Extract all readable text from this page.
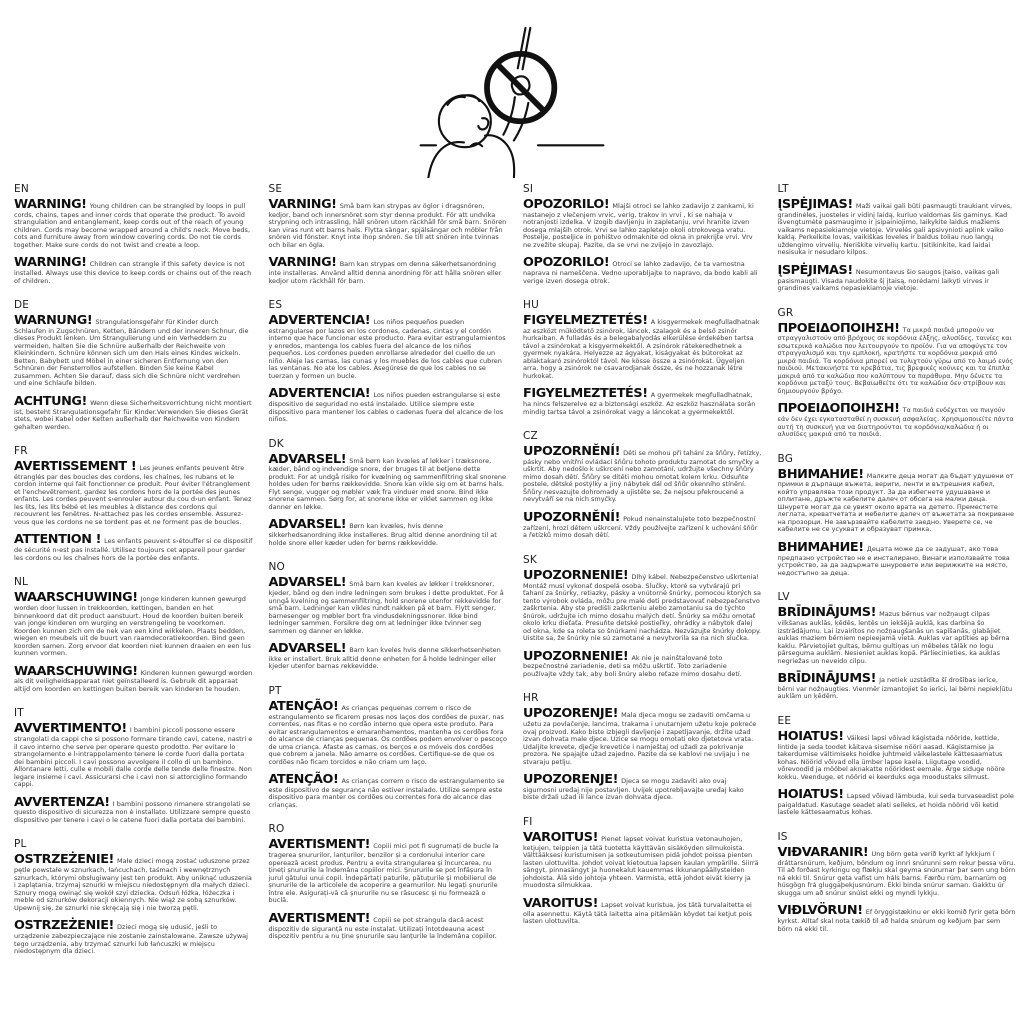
EN

WARNING! Young children can be strangled by loops in pull cords, chains, tapes and inner cords that operate the product. To avoid strangulation and entanglement, keep cords out of the reach of young children. Cords may become wrapped around a child's neck. Move beds, cots and furniture away from window covering cords. Do not tie cords together. Make sure cords do not twist and create a loop.

WARNING! Children can strangle if this safety device is not installed. Always use this device to keep cords or chains out of the reach of children.

DE

WARNUNG! Strangulationsgefahr für Kinder durch Schlaufen in Zugschnüren, Ketten, Bändern und der inneren Schnur, die dieses Produkt lenken. Um Strangulierung und ein Verheddern zu vermeiden, halten Sie die Schnüre außerhalb der Reichweite von Kleinkindern. Schnüre können sich um den Hals eines Kindes wickeln. Betten, Babybett und Möbel in einer sicheren Entfernung von den Schnüren der Fensterrollos aufstellen. Binden Sie keine Kabel zusammen. Achten Sie darauf, dass sich die Schnüre nicht verdrehen und eine Schlaufe bilden.

ACHTUNG! Wenn diese Sicherheitsvorrichtung nicht montiert ist, besteht Strangulationsgefahr für Kinder.Verwenden Sie dieses Gerät stets, wobei Kabel oder Ketten außerhalb der Reichweite von Kindern gehalten werden.

FR

AVERTISSEMENT ! Les jeunes enfants peuvent être étranglés par des boucles des cordons, les chaînes, les rubans et le cordon interne qui fait fonctionner ce produit. Pour éviter l'étranglement et l'enchevêtrement, gardez les cordons hors de la portée des jeunes enfants. Les cordes peuvent s›enrouler autour du cou d›un enfant. Tenez les lits, les lits bébé et les meubles à distance des cordons qui recouvrent les fenêtres. N›attachez pas les cordes ensemble. Assurez-vous que les cordons ne se tordent pas et ne forment pas de boucles.

ATTENTION ! Les enfants peuvent s›étouffer si ce dispositif de sécurité n›est pas installé. Utilisez toujours cet appareil pour garder les cordons ou les chaînes hors de la portée des enfants.

NL

WAARSCHUWING! Jonge kinderen kunnen gewurgd worden door lussen in trekkoorden, kettingen, banden en het binnenkoord dat dit product aanstuurt. Houd de koorden buiten bereik van jonge kinderen om wurging en verstrengeling te voorkomen. Koorden kunnen zich om de nek van een kind wikkelen. Plaats bedden, wiegen en meubels uit de buurt van raamdecoratiekoorden. Bind geen koorden samen. Zorg ervoor dat koorden niet kunnen draaien en een lus kunnen vormen.

WAARSCHUWING! Kinderen kunnen gewurgd worden als dit veiligheidsapparaat niet geïnstalleerd is. Gebruik dit apparaat altijd om koorden en kettingen buiten bereik van kinderen te houden.

IT

AVVERTIMENTO! I bambini piccoli possono essere strangolati da cappi che si possono formare tirando cavi, catene, nastri e il cavo interno che serve per operare questo prodotto. Per evitare lo strangolamento e l›intrappolamento tenere le corde fuori dalla portata dei bambini piccoli. I cavi possono avvolgere il collo di un bambino. Allontanare letti, culle e mobili dalle corde delle tende delle finestre. Non legare insieme i cavi. Assicurarsi che i cavi non si attorciglino formando cappi.

AVVERTENZA! I bambini possono rimanere strangolati se questo dispositivo di sicurezza non è installato. Utilizzare sempre questo dispositivo per tenere i cavi o le catene fuori dalla portata dei bambini.

PL

OSTRZEŻENIE! Małe dzieci mogą zostać uduszone przez pętle powstałe w sznurkach, łańcuchach, taśmach i wewnętrznych sznurkach, którymi obsługiwany jest ten produkt. Aby uniknąć uduszenia i zaplątania, trzymaj sznurki w miejscu niedostępnym dla małych dzieci. Sznury mogą owinąć się wokół szyi dziecka. Odsuń łóżka, łóżeczka i meble od sznurków dekoracji okiennych. Nie wiąż ze sobą sznurków. Upewnij się, że sznurki nie skręcają się i nie tworzą pętli.

OSTRZEŻENIE! Dzieci mogą się udusić, jeśli to urządzenie zabezpieczające nie zostanie zainstalowane. Zawsze używaj tego urządzenia, aby trzymać sznurki lub łańcuszki w miejscu niedostępnym dla dzieci.

SE

VARNING! Små barn kan strypas av öglor i dragsnören, kedjor, band och innersnöret som styr denna produkt. För att undvika strypning och intrassling, håll snören utom räckhåll för små barn. Snören kan viras runt ett barns hals. Flytta sängar, spjälsängar och möbler från snören vid fönster. Knyt inte ihop snören. Se till att snören inte tvinnas och bilar en ögla.

VARNING! Barn kan strypas om denna säkerhetsanordning inte installeras. Använd alltid denna anordning för att hålla snören eller kedjor utom räckhåll för barn.

ES

ADVERTENCIA! Los niños pequeños pueden estrangularse por lazos en los cordones, cadenas, cintas y el cordón interno que hace funcionar este producto. Para evitar estrangulamientos y enredos, mantenga los cables fuera del alcance de los niños pequeños. Los cordones pueden enrollarse alrededor del cuello de un niño. Aleje las camas, las cunas y los muebles de los cables que cubren las ventanas. No ate los cables. Asegúrese de que los cables no se tuerzan y formen un bucle.

ADVERTENCIA! Los niños pueden estrangularse si este dispositivo de seguridad no está instalado. Utilice siempre este dispositivo para mantener los cables o cadenas fuera del alcance de los niños.

DK

ADVARSEL! Små børn kan kvæles af løkker i træksnore, kæder, bånd og indvendige snore, der bruges til at betjene dette produkt. For at undgå risiko for kvælning og sammenfiltring skal snorene holdes uden for børns rækkevidde. Snore kan vikle sig om et barns hals. Flyt senge, vugger og møbler væk fra vinduer med snore. Bind ikke snorene sammen. Sørg for, at snorene ikke er viklet sammen og ikke danner en løkke.

ADVARSEL! Børn kan kvæles, hvis denne sikkerhedsanordning ikke installeres. Brug altid denne anordning til at holde snore eller kæder uden for børns rækkevidde.

NO

ADVARSEL! Små barn kan kveles av løkker i trekksnorer, kjeder, bånd og den indre ledningen som brukes i dette produktet. For å unngå kvelning og sammenfiltring, hold snorene utenfor rekkevidde for små barn. Ledninger kan vikles rundt nakken på et barn. Flytt senger, barnesenger og møbler bort fra vindusdekningssnorer. Ikke bind ledninger sammen. Forsikre deg om at ledninger ikke tvinner seg sammen og danner en løkke.

ADVARSEL! Barn kan kveles hvis denne sikkerhetsenheten ikke er installert. Bruk alltid denne enheten for å holde ledninger eller kjeder utenfor barnas rekkevidde.

PT

ATENÇÃO! As crianças pequenas correm o risco de estrangulamento se ficarem presas nos laços dos cordões de puxar, nas correntes, nas fitas e no cordão interno que opera este produto. Para evitar estrangulamentos e emaranhamentos, mantenha os cordões fora do alcance de crianças pequenas. Os cordões podem envolver o pescoço de uma criança. Afaste as camas, os berços e os móveis dos cordões que cobrem a janela. Não amarre os cordões. Certifique-se de que os cordões não ficam torcidos e não criam um laço.

ATENÇÃO! As crianças correm o risco de estrangulamento se este dispositivo de segurança não estiver instalado. Utilize sempre este dispositivo para manter os cordões ou correntes fora do alcance das crianças.

RO

AVERTISMENT! Copiii mici pot fi sugrumați de bucle la tragerea șnururilor, lanțurilor, benzilor și a cordonului interior care operează acest produs. Pentru a evita strangularea și încurcarea, nu țineți șnururile la îndemâna copiilor mici. Șnururile se pot înfășura în jurul gâtului unui copil. Îndepărtați paturile, pătuțurile și mobilierul de șnururile de la articolele de acoperire a geamurilor. Nu legați șnururile între ele. Asigurați-vă că șnururile nu se răsucesc și nu formează o buclă.

AVERTISMENT! Copiii se pot strangula dacă acest dispozitiv de siguranță nu este instalat. Utilizați întotdeauna acest dispozitiv pentru a nu ține șnururile sau lanțurile la îndemâna copiilor.

SI

OPOZORILO! Mlajši otroci se lahko zadavijo z zankami, ki nastanejo z vlečenjem vrvic, verig, trakov in vrvi , ki se nahaja v notranjosti izdelka. V izogib davljenju in zapletanju, vrvi hranite izven dosega mlajših otrok. Vrvi se lahko zapletejo okoli otrokovega vratu. Postelje, posteljice in pohištvo odmaknite od okna in prekrijte vrvi. Vrv ne zvežite skupaj. Pazite, da se vrvi ne zvijejo in zavozlajo.

OPOZORILO! Otroci se lahko zadavijo, če ta varnostna naprava ni nameščena. Vedno uporabljajte to napravo, da bodo kabli ali verige izven dosega otrok.

HU

FIGYELMEZTETÉS! A kisgyermekek megfulladhatnak az eszközt működtető zsinórok, láncok, szalagok és a belső zsinór hurkaiban. A fulladás és a belegabalyodás elkerülése érdekében tartsa távol a zsinórokat a kisgyermekektől. A zsinórok rátekeredhetnek a gyermek nyakára. Helyezze az ágyakat, kiságyakat és bútorokat az ablaktakaró zsinóroktól távol. Ne kösse össze a zsinórokat. Ügyeljen arra, hogy a zsinórok ne csavarodjanak össze, és ne hozzanak létre hurkokat.

FIGYELMEZTETÉS! A gyermekek megfulladhatnak, ha nincs felszerelve ez a biztonsági eszköz. Az eszköz használata során mindig tartsa távol a zsinórokat vagy a láncokat a gyermekektől.

CZ

UPOZORNĚNÍ! Děti se mohou při tahání za šňůry, řetízky, pásky nebo vnitřní ovládací šňůru tohoto produktu zamotat do smyčky a uškrtit. Aby nedošlo k uškrcení nebo zamotání, udržujte všechny šňůry mimo dosah dětí. Šňůry se dítěti mohou omotat kolem krku. Odsuňte postele, dětské postýlky a jiný nábytek dál od šňůr okenního stínění. Šňůry nesvazujte dohromady a ujistěte se, že nejsou překroucené a nevytváří se na nich smyčky.

UPOZORNĚNÍ! Pokud nenainstalujete toto bezpečnostní zařízení, hrozí dětem uškrcení. Vždy používejte zařízení k uchování šňůr a řetízků mimo dosah dětí.

SK

UPOZORNENIE! Dlhý kábel. Nebezpečenstvo uškrtenia! Montáž musí vykonať dospelá osoba. Slučky, ktoré sa vytvárajú pri ťahaní za šnúrky, retiazky, pásky a vnútorné šnúrky, pomocou ktorých sa tento výrobok ovláda, môžu pre malé deti predstavovať nebezpečenstvo zaškrtenia. Aby ste predišli zaškrteniu alebo zamotaniu sa do týchto šnúrok, udržujte ich mimo dosahu malých detí. Šnúrky sa môžu omotať okolo krku dieťaťa. Presuňte detské postieľky, ohrádky a nábytok ďalej od okna, kde sa roleta so šnúrkami nachádza. Nezväzujte šnúrky dokopy. Uistite sa, že šnúrky nie sú zamotané a nevytvorila sa na nich slučka.

UPOZORNENIE! Ak nie je nainštalované toto bezpečnostné zariadenie, deti sa môžu uškrtiť. Toto zariadenie používajte vždy tak, aby boli šnúry alebo reťaze mimo dosahu detí.

HR

UPOZORENJE! Mala djeca mogu se zadaviti omčama u užetu za povlačenje, lancima, trakama i unutarnjem užetu koje pokreće ovaj proizvod. Kako biste izbjegli davljenje i zapetljavanje, držite užad izvan dohvata male djece. Uzice se mogu omotati oko djetetova vrata. Udaljite krevete, dječje krevetiće i namještaj od užadi za pokrivanje prozora. Ne spajajte užad zajedno. Pazite da se kablovi ne uvijaju i ne stvaraju petlju.

UPOZORENJE! Djeca se mogu zadaviti ako ovaj sigurnosni uređaj nije postavljen. Uvijek upotrebljavajte uređaj kako biste držali užad ili lance izvan dohvata djece.

FI

VAROITUS! Pienet lapset voivat kuristua vetonauhojen, ketjujen, teippien ja tätä tuotetta käyttävän sisäköyden silmukoista. Välttääksesi kuristumisen ja sotkeutumisen pidä johdot poissa pienten lasten ulottuvilta. Johdot voivat kietoutua lapsen kaulan ympärille. Siirrä sängyt, pinnasängyt ja huonekalut kauemmas ikkunanpäällysteiden johdoista. Älä sido johtoja yhteen. Varmista, että johdot eivät kierry ja muodosta silmukkaa.

VAROITUS! Lapset voivat kuristua, jos tätä turvalaitetta ei olla asennettu. Käytä tätä laitetta aina pitämään köydet tai ketjut pois lasten ulottuvilta.

LT

ĮSPĖJIMAS! Maži vaikai gali būti pasmaugti traukiant virves, grandinėles, juosteles ir vidinį laidą, kuriuo valdomas šis gaminys. Kad išvengtumėte pasmaugimo ir įsipainiojimo, laikykite laidus mažiems vaikams nepasiekiamoje vietoje. Virvelės gali apsivynioti aplink vaiko kaklą. Perkelkite lovas, vaikiškas loveles ir baldus toliau nuo langų uždengimo virvelių. Neriškite virvelių kartu. Įsitikinkite, kad laidai nesisuka ir nesudaro kilpos.

ĮSPĖJIMAS! Nesumontavus šio saugos įtaiso, vaikas gali pasismaugti. Visada naudokite šį įtaisą, norėdami laikyti virves ir grandines vaikams nepasiekiamoje vietoje.

GR

ΠΡΟΕΙΔΟΠΟΙΗΣΗ! Τα μικρά παιδιά μπορούν να στραγγαλιστούν από βρόχους σε κορδόνια έλξης, αλυσίδες, ταινίες και εσωτερικά καλώδια που λειτουργούν το προϊόν. Για να αποφύγετε τον στραγγαλισμό και την εμπλοκή, κρατήστε τα κορδόνια μακριά από μικρά παιδιά. Τα κορδόνια μπορεί να τυλιχτούν γύρω από το λαιμό ενός παιδιού. Μετακινήστε τα κρεβάτια, τις βρεφικές κούνιες και τα έπιπλα μακριά από τα καλώδια που καλύπτουν τα παράθυρα. Μην δένετε τα κορδόνια μεταξύ τους. Βεβαιωθείτε ότι τα καλώδια δεν στρίβουν και δημιουργούν βρόχο.

ΠΡΟΕΙΔΟΠΟΙΗΣΗ! Τα παιδιά ενδέχεται να πνιγούν εάν δεν έχει εγκατασταθεί η συσκευή ασφαλείας. Χρησιμοποιείτε πάντα αυτή τη συσκευή για να διατηρούνται τα κορδόνια/καλώδια ή οι αλυσίδες μακριά από τα παιδιά.

BG

ВНИМАНИЕ! Малките деца могат да бъдат удушени от примки в дърпащи въжета, вериги, ленти и вътрешния кабел, който управлява този продукт. За да избегнете удушаване и оплитане, дръжте кабелите далеч от обсега на малки деца. Шнурете могат да се увият около врата на детето. Преместете леглата, креватчетата и мебелите далеч от въжетата за покриване на прозорци. Не завързвайте кабелите заедно. Уверете се, че кабелите не се усукват и образуват примка.

ВНИМАНИЕ! Децата може да се задушат, ако това предпазно устройство не е инсталирано. Винаги използвайте това устройство, за да задържате шнуровете или верижките на място, недостъпно за деца.

LV

BRĪDINĀJUMS! Mazus bērnus var nožņaugt cilpas vilkšanas auklās, ķēdēs, lentēs un iekšējā auklā, kas darbina šo izstrādājumu. Lai izvairītos no nožņaugšanās un sapīšanās, glabājiet auklas maziem bērniem nepieejamā vietā. Auklas var aptīties ap bērna kaklu. Pārvietojiet gultas, bērnu gultiņas un mēbeles tālāk no logu pārseguma auklām. Nesieniet auklas kopā. Pārliecinieties, ka auklas negriežas un neveido cilpu.

BRĪDINĀJUMS! Ja netiek uzstādīta šī drošības ierīce, bērni var nožņaugties. Vienmēr izmantojiet šo ierīci, lai bērni nepiekļūtu auklām un ķēdēm.

EE

HOIATUS! Väikesi lapsi võivad kägistada nööride, kettide, lintide ja seda toodet käitava sisemise nööri aasad. Kägistamise ja takerdumise vältimiseks hoidke juhtmeid väikelastele kättesaamatus kohas. Nöörid võivad olla ümber lapse kaela. Liigutage voodid, võrevoodid ja mööbel aknakatte nööridest eemale. Ärge siduge nööre kokku. Veenduge, et nöörid ei keerduks ega moodustaks silmust.

HOIATUS! Lapsed võivad lämbuda, kui seda turvaseadist pole paigaldatud. Kasutage seadet alati selleks, et hoida nöörid või ketid lastele kättesaamatus kohas.

IS

VIÐVARANIR! Ung börn geta verið kyrkt af lykkjum í dráttarsnúrum, keðjum, böndum og innri snúrunni sem rekur þessa vöru. Til að forðast kyrkingu og flækju skal geyma snúrurnar þar sem ung börn ná ekki til. Snúrur geta vafist um háls barns. Færðu rúm, barnarúm og húsgögn frá gluggaþekjusnúrum. Ekki binda snúrur saman. Gakktu úr skugga um að snúrur snúist ekki og myndi lykkju.

VIÐLVÖRUN! Ef öryggistækinu er ekki komið fyrir geta börn kyrkst. Alltaf skal nota tækið til að halda snúrum og keðjum þar sem börn ná ekki til.
